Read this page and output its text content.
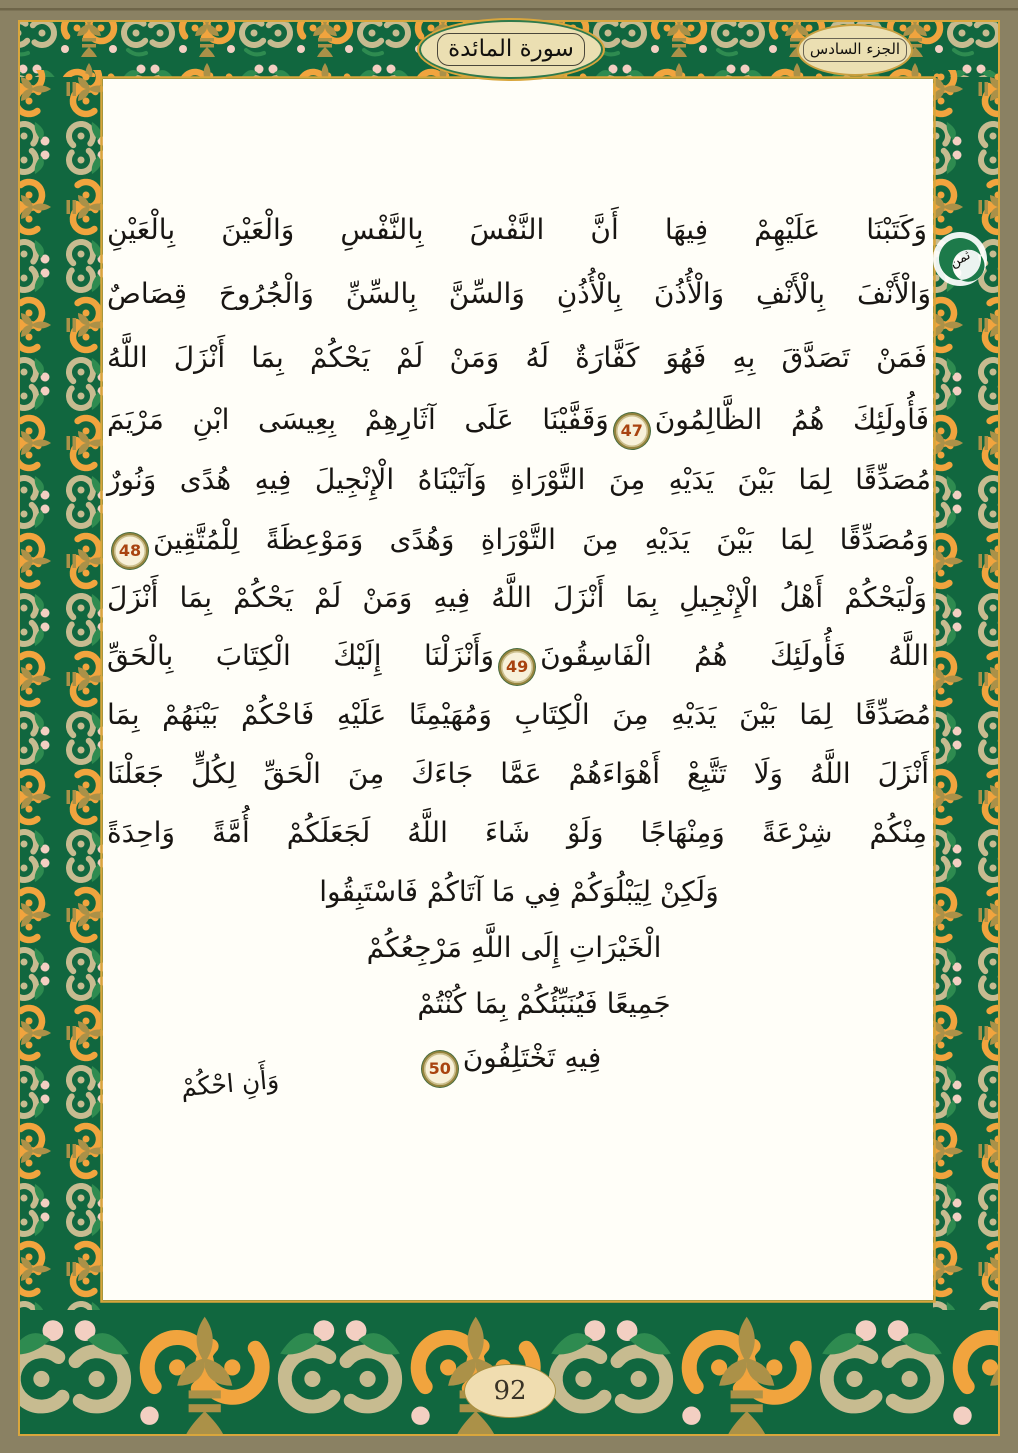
سورة المائدة	الجزء السادس
ثمن
وَكَتَبْنَا عَلَيْهِمْ فِيهَا أَنَّ النَّفْسَ بِالنَّفْسِ وَالْعَيْنَ بِالْعَيْنِ
وَالْأَنْفَ بِالْأَنْفِ وَالْأُذُنَ بِالْأُذُنِ وَالسِّنَّ بِالسِّنِّ وَالْجُرُوحَ قِصَاصٌ
فَمَنْ تَصَدَّقَ بِهِ فَهُوَ كَفَّارَةٌ لَهُ وَمَنْ لَمْ يَحْكُمْ بِمَا أَنْزَلَ اللَّهُ
فَأُولَئِكَ هُمُ الظَّالِمُونَ47وَقَفَّيْنَا عَلَى آثَارِهِمْ بِعِيسَى ابْنِ مَرْيَمَ
مُصَدِّقًا لِمَا بَيْنَ يَدَيْهِ مِنَ التَّوْرَاةِ وَآتَيْنَاهُ الْإِنْجِيلَ فِيهِ هُدًى وَنُورٌ
وَمُصَدِّقًا لِمَا بَيْنَ يَدَيْهِ مِنَ التَّوْرَاةِ وَهُدًى وَمَوْعِظَةً لِلْمُتَّقِينَ48
وَلْيَحْكُمْ أَهْلُ الْإِنْجِيلِ بِمَا أَنْزَلَ اللَّهُ فِيهِ وَمَنْ لَمْ يَحْكُمْ بِمَا أَنْزَلَ
اللَّهُ فَأُولَئِكَ هُمُ الْفَاسِقُونَ49وَأَنْزَلْنَا إِلَيْكَ الْكِتَابَ بِالْحَقِّ
مُصَدِّقًا لِمَا بَيْنَ يَدَيْهِ مِنَ الْكِتَابِ وَمُهَيْمِنًا عَلَيْهِ فَاحْكُمْ بَيْنَهُمْ بِمَا
أَنْزَلَ اللَّهُ وَلَا تَتَّبِعْ أَهْوَاءَهُمْ عَمَّا جَاءَكَ مِنَ الْحَقِّ لِكُلٍّ جَعَلْنَا
مِنْكُمْ شِرْعَةً وَمِنْهَاجًا وَلَوْ شَاءَ اللَّهُ لَجَعَلَكُمْ أُمَّةً وَاحِدَةً
وَلَكِنْ لِيَبْلُوَكُمْ فِي مَا آتَاكُمْ فَاسْتَبِقُوا
الْخَيْرَاتِ إِلَى اللَّهِ مَرْجِعُكُمْ
جَمِيعًا فَيُنَبِّئُكُمْ بِمَا كُنْتُمْ
فِيهِ تَخْتَلِفُونَ50
وَأَنِ احْكُمْ
92
